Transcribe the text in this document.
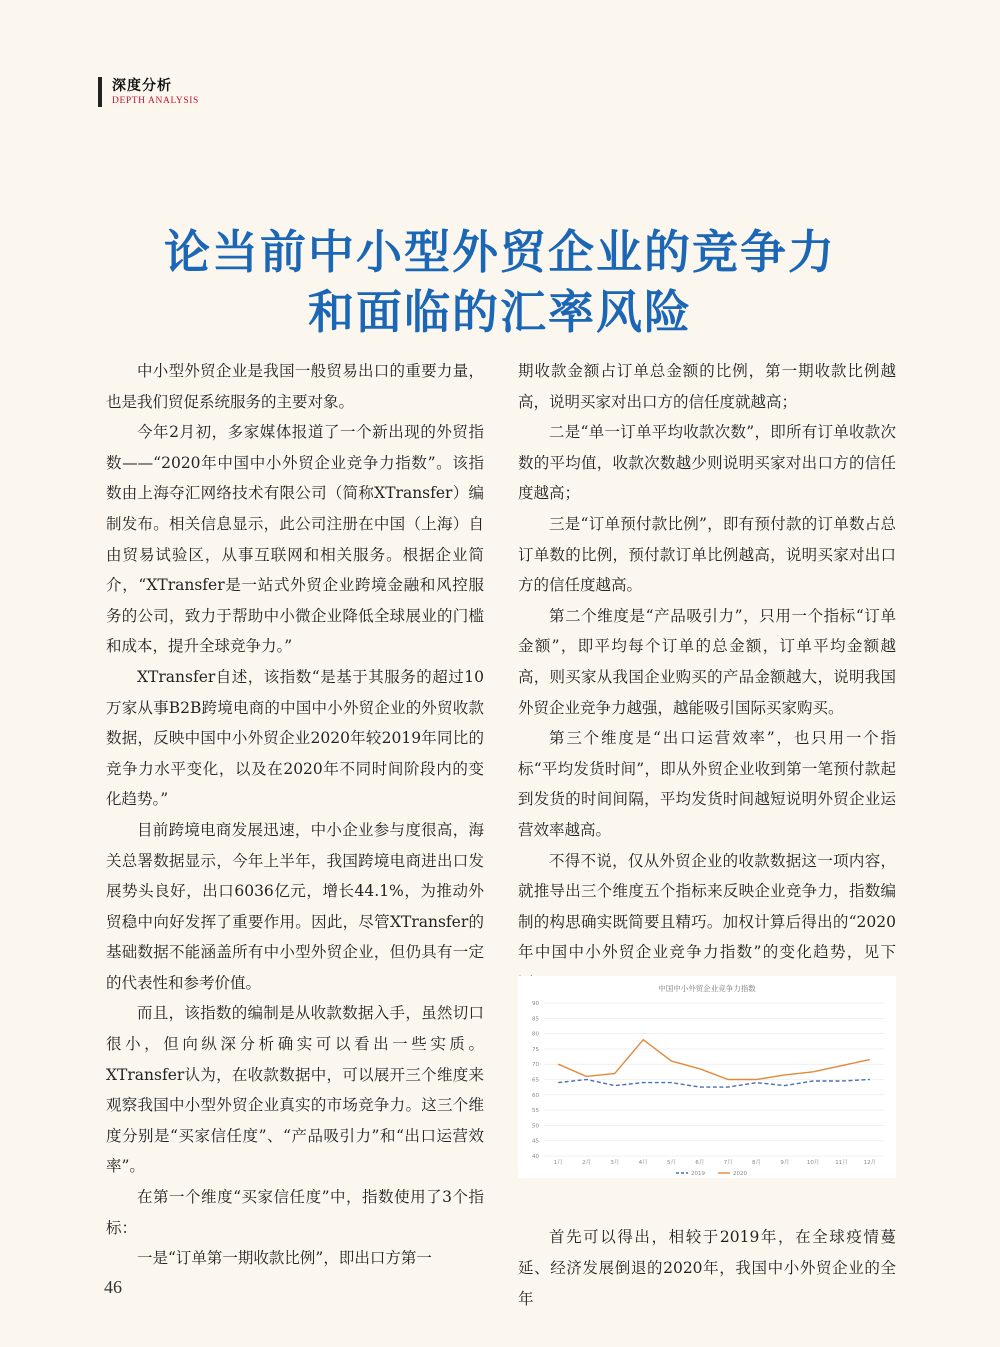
深度分析
DEPTH ANALYSIS
论当前中小型外贸企业的竞争力
和面临的汇率风险

中小型外贸企业是我国一般贸易出口的重要力量，也是我们贸促系统服务的主要对象。

今年2月初，多家媒体报道了一个新出现的外贸指数——“2020年中国中小外贸企业竞争力指数”。该指数由上海夺汇网络技术有限公司（简称XTransfer）编制发布。相关信息显示，此公司注册在中国（上海）自由贸易试验区，从事互联网和相关服务。根据企业简介，“XTransfer是一站式外贸企业跨境金融和风控服务的公司，致力于帮助中小微企业降低全球展业的门槛和成本，提升全球竞争力。”

XTransfer自述，该指数“是基于其服务的超过10万家从事B2B跨境电商的中国中小外贸企业的外贸收款数据，反映中国中小外贸企业2020年较2019年同比的竞争力水平变化，以及在2020年不同时间阶段内的变化趋势。”

目前跨境电商发展迅速，中小企业参与度很高，海关总署数据显示，今年上半年，我国跨境电商进出口发展势头良好，出口6036亿元，增长44.1%，为推动外贸稳中向好发挥了重要作用。因此，尽管XTransfer的基础数据不能涵盖所有中小型外贸企业，但仍具有一定的代表性和参考价值。

而且，该指数的编制是从收款数据入手，虽然切口很小，但向纵深分析确实可以看出一些实质。XTransfer认为，在收款数据中，可以展开三个维度来观察我国中小型外贸企业真实的市场竞争力。这三个维度分别是“买家信任度”、“产品吸引力”和“出口运营效率”。

在第一个维度“买家信任度”中，指数使用了3个指标：

一是“订单第一期收款比例”，即出口方第一

期收款金额占订单总金额的比例，第一期收款比例越高，说明买家对出口方的信任度就越高；

二是“单一订单平均收款次数”，即所有订单收款次数的平均值，收款次数越少则说明买家对出口方的信任度越高；

三是“订单预付款比例”，即有预付款的订单数占总订单数的比例，预付款订单比例越高，说明买家对出口方的信任度越高。

第二个维度是“产品吸引力”，只用一个指标“订单金额”，即平均每个订单的总金额，订单平均金额越高，则买家从我国企业购买的产品金额越大，说明我国外贸企业竞争力越强，越能吸引国际买家购买。

第三个维度是“出口运营效率”，也只用一个指标“平均发货时间”，即从外贸企业收到第一笔预付款起到发货的时间间隔，平均发货时间越短说明外贸企业运营效率越高。

不得不说，仅从外贸企业的收款数据这一项内容，就推导出三个维度五个指标来反映企业竞争力，指数编制的构思确实既简要且精巧。加权计算后得出的“2020年中国中小外贸企业竞争力指数”的变化趋势，见下

首先可以得出，相较于2019年，在全球疫情蔓延、经济发展倒退的2020年，我国中小外贸企业的全年

中国中小外贸企业竞争力指数
40
45
50
55
60
65
70
75
80
85
90
1月	2月	3月	4月	5月	6月	7月	8月	9月	10月	11月	12月
2019	2020
46
